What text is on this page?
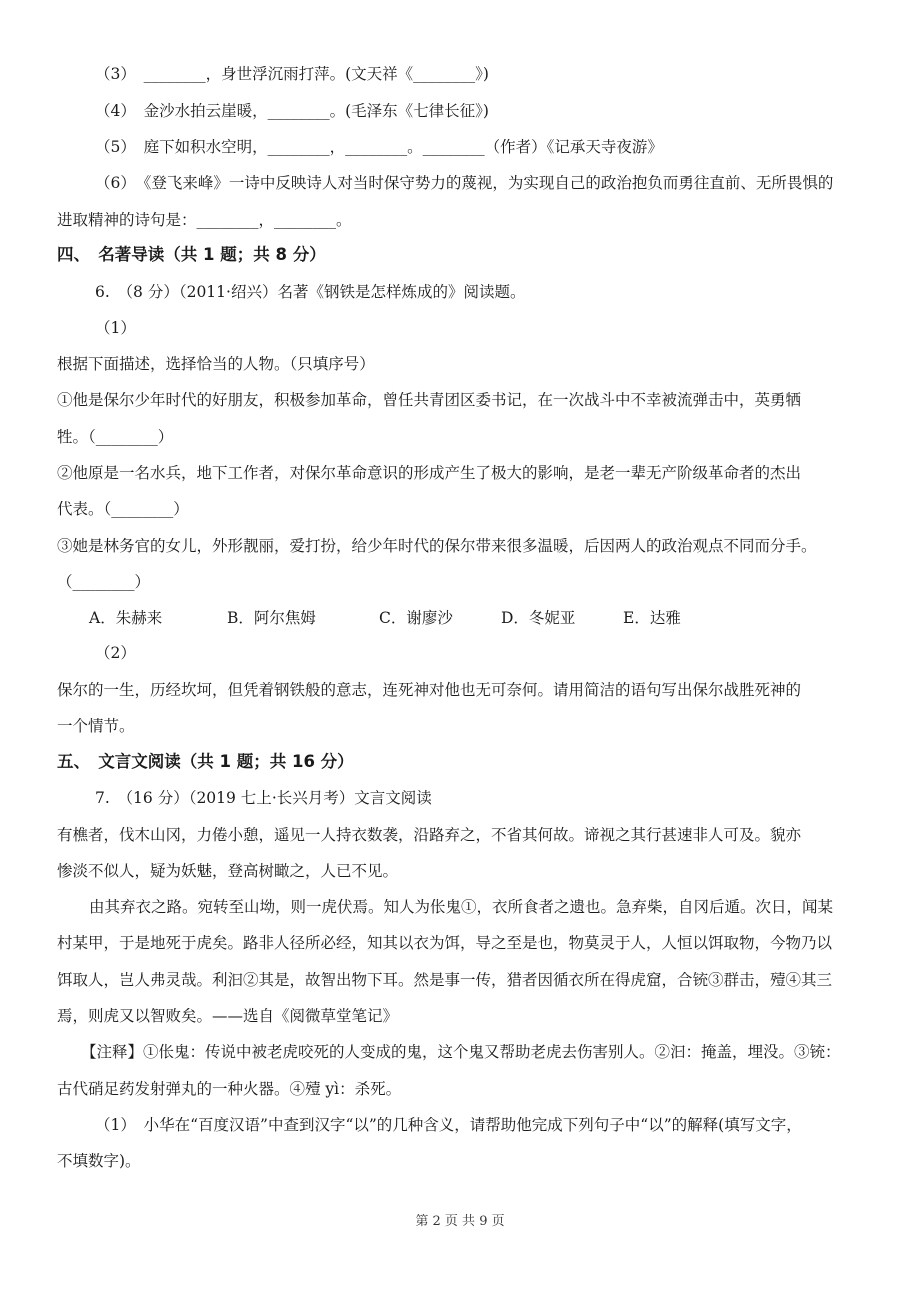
（3）　________，身世浮沉雨打萍。(文天祥《________》)
（4）　金沙水拍云崖暖，________。(毛泽东《七律长征》)
（5）　庭下如积水空明，________，________。________（作者）《记承天寺夜游》
（6）　《登飞来峰》一诗中反映诗人对当时保守势力的蔑视，为实现自己的政治抱负而勇往直前、无所畏惧的
进取精神的诗句是：________，________。
四、　名著导读（共 1 题；共 8 分）
6.　（8 分）（2011·绍兴）名著《钢铁是怎样炼成的》阅读题。
（1）
根据下面描述，选择恰当的人物。（只填序号）
①他是保尔少年时代的好朋友，积极参加革命，曾任共青团区委书记，在一次战斗中不幸被流弹击中，英勇牺
牲。（________）
②他原是一名水兵，地下工作者，对保尔革命意识的形成产生了极大的影响，是老一辈无产阶级革命者的杰出
代表。（________）
③她是林务官的女儿，外形靓丽，爱打扮，给少年时代的保尔带来很多温暖，后因两人的政治观点不同而分手。
（________）
A．朱赫来	B．阿尔焦姆	C．谢廖沙	D．冬妮亚	E．达雅
（2）
保尔的一生，历经坎坷，但凭着钢铁般的意志，连死神对他也无可奈何。请用简洁的语句写出保尔战胜死神的
一个情节。
五、　文言文阅读（共 1 题；共 16 分）
7.　（16 分）（2019 七上·长兴月考）文言文阅读
有樵者，伐木山冈，力倦小憩，遥见一人持衣数袭，沿路弃之，不省其何故。谛视之其行甚速非人可及。貌亦
惨淡不似人，疑为妖魅，登高树瞰之，人已不见。
由其弃衣之路。宛转至山坳，则一虎伏焉。知人为伥鬼①，衣所食者之遗也。急弃柴，自冈后遁。次日，闻某
村某甲，于是地死于虎矣。路非人径所必经，知其以衣为饵，导之至是也，物莫灵于人，人恒以饵取物，今物乃以
饵取人，岂人弗灵哉。利汩②其是，故智出物下耳。然是事一传，猎者因循衣所在得虎窟，合铳③群击，殪④其三
焉，则虎又以智败矣。——选自《阅微草堂笔记》
【注释】①伥鬼：传说中被老虎咬死的人变成的鬼，这个鬼又帮助老虎去伤害别人。②汩：掩盖，埋没。③铳：
古代硝足药发射弹丸的一种火器。④殪 yì：杀死。
（1）　小华在“百度汉语”中查到汉字“以”的几种含义，请帮助他完成下列句子中“以”的解释(填写文字，
不填数字)。
第 2 页 共 9 页
